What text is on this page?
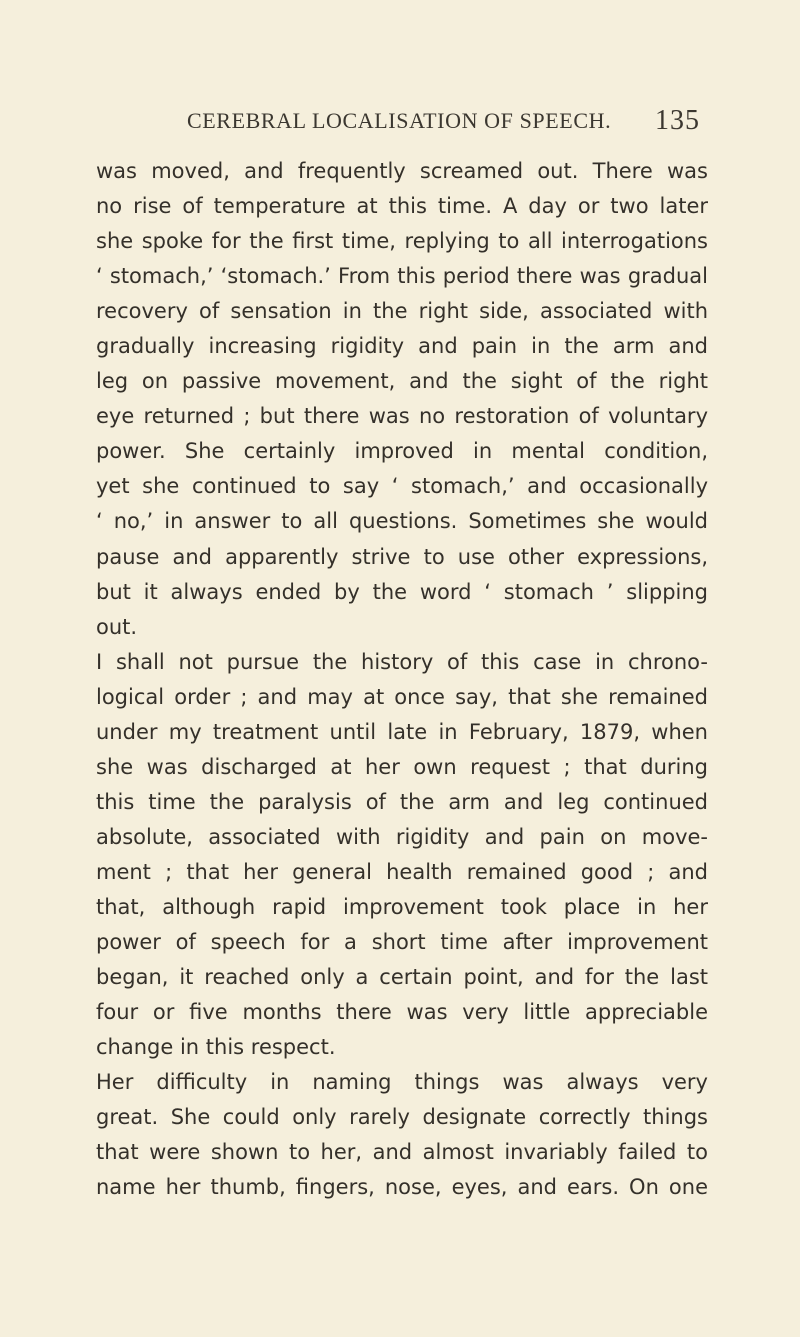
CEREBRAL LOCALISATION OF SPEECH. 135
was moved, and frequently screamed out. There was
no rise of temperature at this time. A day or two later
she spoke for the first time, replying to all interrogations
‘ stomach,’ ‘stomach.’ From this period there was gradual
recovery of sensation in the right side, associated with
gradually increasing rigidity and pain in the arm and
leg on passive movement, and the sight of the right
eye returned ; but there was no restoration of voluntary
power. She certainly improved in mental condition,
yet she continued to say ‘ stomach,’ and occasionally
‘ no,’ in answer to all questions. Sometimes she would
pause and apparently strive to use other expressions,
but it always ended by the word ‘ stomach ’ slipping
out.
I shall not pursue the history of this case in chrono-
logical order ; and may at once say, that she remained
under my treatment until late in February, 1879, when
she was discharged at her own request ; that during
this time the paralysis of the arm and leg continued
absolute, associated with rigidity and pain on move-
ment ; that her general health remained good ; and
that, although rapid improvement took place in her
power of speech for a short time after improvement
began, it reached only a certain point, and for the last
four or five months there was very little appreciable
change in this respect.
Her difficulty in naming things was always very
great. She could only rarely designate correctly things
that were shown to her, and almost invariably failed to
name her thumb, fingers, nose, eyes, and ears. On one
